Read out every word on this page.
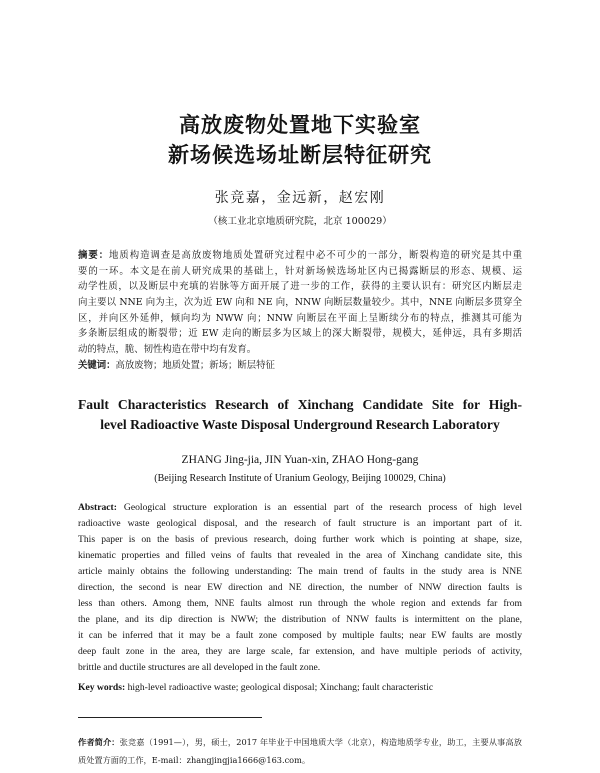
高放废物处置地下实验室
新场候选场址断层特征研究
张竞嘉，金远新，赵宏刚
（核工业北京地质研究院，北京 100029）
摘要：地质构造调查是高放废物地质处置研究过程中必不可少的一部分，断裂构造的研究是其中重
要的一环。本文是在前人研究成果的基础上，针对新场候选场址区内已揭露断层的形态、规模、运
动学性质，以及断层中充填的岩脉等方面开展了进一步的工作，获得的主要认识有：研究区内断层走
向主要以 NNE 向为主，次为近 EW 向和 NE 向，NNW 向断层数量较少。其中，NNE 向断层多贯穿全
区，并向区外延伸，倾向均为 NWW 向；NNW 向断层在平面上呈断续分布的特点，推测其可能为
多条断层组成的断裂带；近 EW 走向的断层多为区域上的深大断裂带，规模大，延伸远，具有多期活
动的特点，脆、韧性构造在带中均有发育。
关键词：高放废物；地质处置；新场；断层特征
Fault Characteristics Research of Xinchang Candidate Site for High-
level Radioactive Waste Disposal Underground Research Laboratory
ZHANG Jing-jia, JIN Yuan-xin, ZHAO Hong-gang
(Beijing Research Institute of Uranium Geology, Beijing 100029, China)
Abstract: Geological structure exploration is an essential part of the research process of high level
radioactive waste geological disposal, and the research of fault structure is an important part of it.
This paper is on the basis of previous research, doing further work which is pointing at shape, size,
kinematic properties and filled veins of faults that revealed in the area of Xinchang candidate site, this
article mainly obtains the following understanding: The main trend of faults in the study area is NNE
direction, the second is near EW direction and NE direction, the number of NNW direction faults is
less than others. Among them, NNE faults almost run through the whole region and extends far from
the plane, and its dip direction is NWW; the distribution of NNW faults is intermittent on the plane,
it can be inferred that it may be a fault zone composed by multiple faults; near EW faults are mostly
deep fault zone in the area, they are large scale, far extension, and have multiple periods of activity,
brittle and ductile structures are all developed in the fault zone.
Key words: high-level radioactive waste; geological disposal; Xinchang; fault characteristic
作者简介：张竞嘉（1991—），男，硕士，2017 年毕业于中国地质大学（北京），构造地质学专业，助工，主要从事高放
质处置方面的工作，E-mail：zhangjingjia1666@163.com。
